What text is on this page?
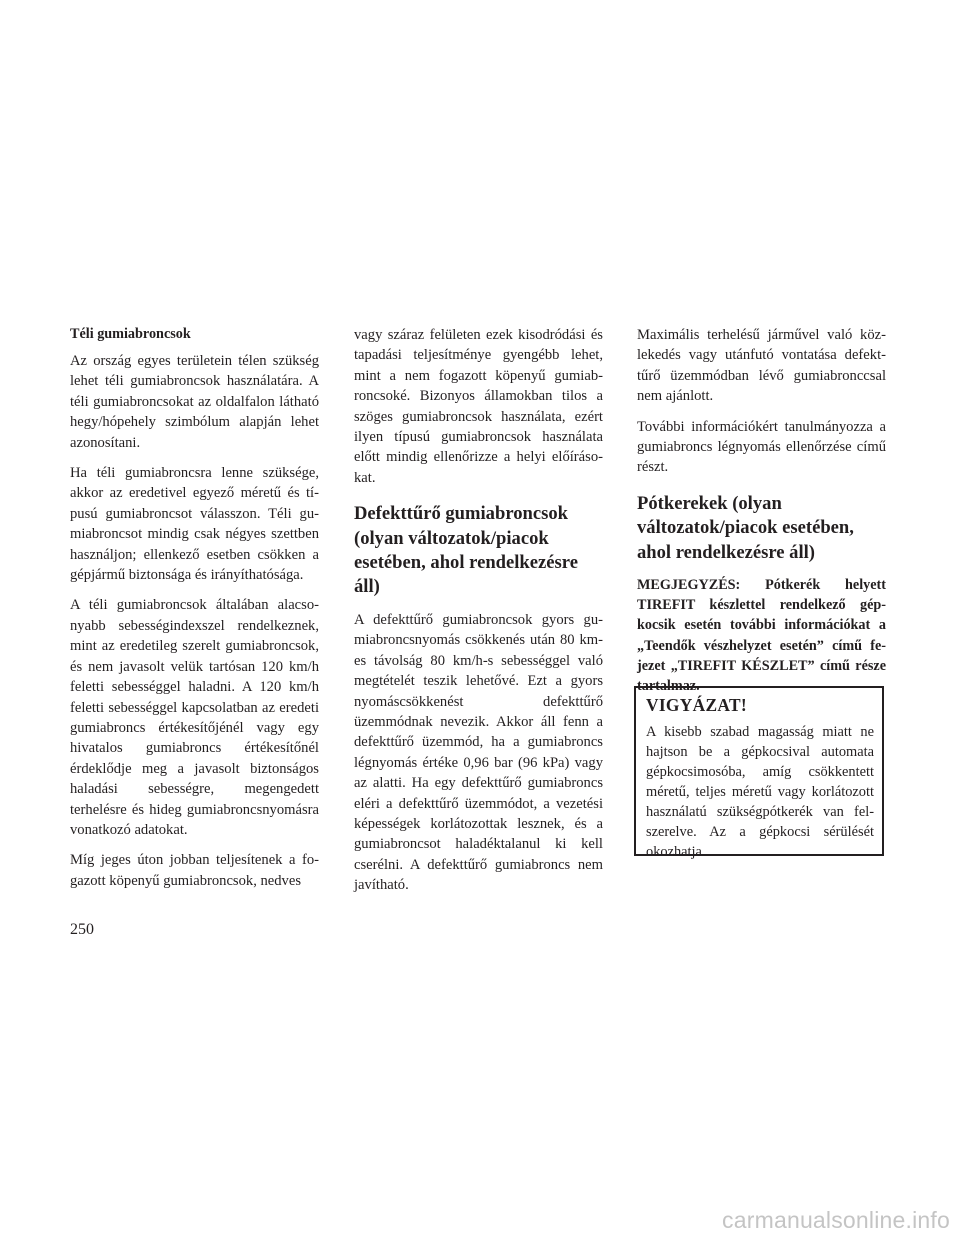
Téli gumiabroncsok

Az ország egyes területein télen szükség lehet téli gumiabroncsok használatára. A téli gumiabroncsokat az oldalfalon látható hegy/hópehely szimbólum alapján lehet azonosítani.

Ha téli gumiabroncsra lenne szüksége, akkor az eredetivel egyező méretű és típusú gumiabroncsot válasszon. Téli gumiabroncsot mindig csak négyes szettben használjon; ellenkező esetben csökken a gépjármű biztonsága és irányíthatósága.

A téli gumiabroncsok általában alacsonyabb sebességindexszel rendelkeznek, mint az eredetileg szerelt gumiabroncsok, és nem javasolt velük tartósan 120 km/h feletti sebességgel haladni. A 120 km/h feletti sebességgel kapcsolatban az eredeti gumiabroncs értékesítőjénél vagy egy hivatalos gumiabroncs értékesítőnél érdeklődje meg a javasolt biztonságos haladási sebességre, megengedett terhelésre és hideg gumiabroncsnyomásra vonatkozó adatokat.

Míg jeges úton jobban teljesítenek a fogazott köpenyű gumiabroncsok, nedves

vagy száraz felületen ezek kisodródási és tapadási teljesítménye gyengébb lehet, mint a nem fogazott köpenyű gumiabroncsoké. Bizonyos államokban tilos a szöges gumiabroncsok használata, ezért ilyen típusú gumiabroncsok használata előtt mindig ellenőrizze a helyi előírásokat.

Defekttűrő gumiabroncsok (olyan változatok/piacok esetében, ahol rendelkezésre áll)

A defekttűrő gumiabroncsok gyors gumiabroncsnyomás csökkenés után 80 km-es távolság 80 km/h-s sebességgel való megtételét teszik lehetővé. Ezt a gyors nyomáscsökkenést defekttűrő üzemmódnak nevezik. Akkor áll fenn a defekttűrő üzemmód, ha a gumiabroncs légnyomás értéke 0,96 bar (96 kPa) vagy az alatti. Ha egy defekttűrő gumiabroncs eléri a defekttűrő üzemmódot, a vezetési képességek korlátozottak lesznek, és a gumiabroncsot haladéktalanul ki kell cserélni. A defekttűrő gumiabroncs nem javítható.

Maximális terhelésű járművel való közlekedés vagy utánfutó vontatása defekttűrő üzemmódban lévő gumiabronccsal nem ajánlott.

További információkért tanulmányozza a gumiabroncs légnyomás ellenőrzése című részt.

Pótkerekek (olyan változatok/piacok esetében, ahol rendelkezésre áll)

MEGJEGYZÉS: Pótkerék helyett TIREFIT készlettel rendelkező gépkocsik esetén további információkat a „Teendők vészhelyzet esetén” című fejezet „TIREFIT KÉSZLET” című része tartalmaz.

VIGYÁZAT!

A kisebb szabad magasság miatt ne hajtson be a gépkocsival automata gépkocsimosóba, amíg csökkentett méretű, teljes méretű vagy korlátozott használatú szükségpótkerék van felszerelve. Az a gépkocsi sérülését okozhatja.

250
carmanualsonline.info
